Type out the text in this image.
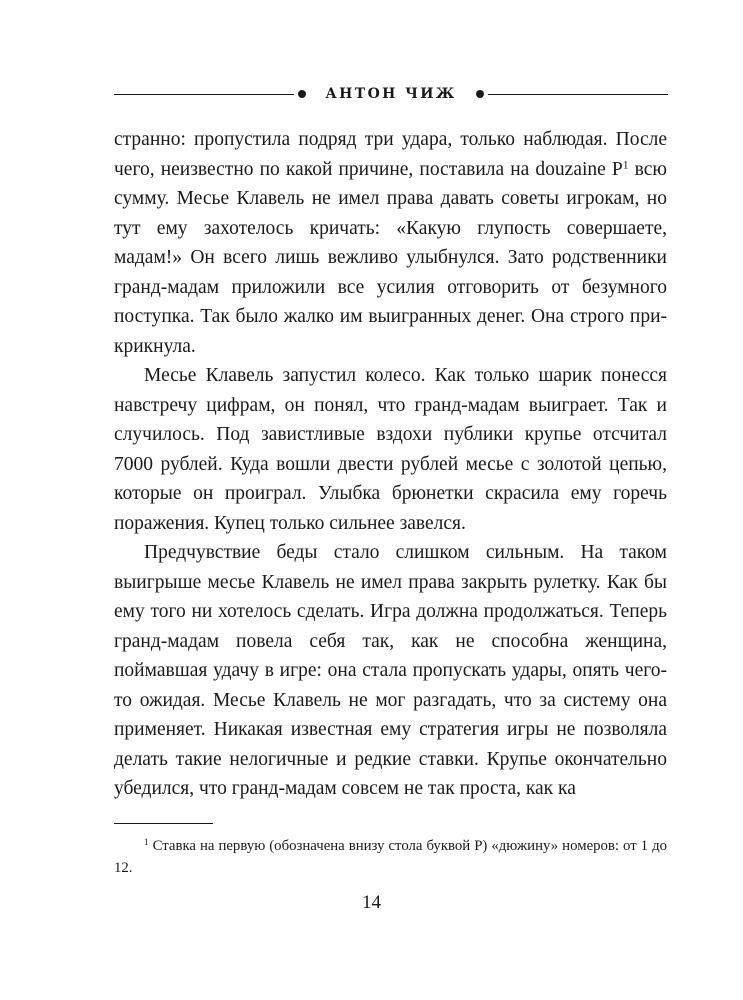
АНТОН ЧИЖ

странно: пропустила подряд три удара, только наблюдая. После чего, неизвестно по какой причине, поставила на douzaine $P^1$ всю сумму. Месье Клавель не имел права давать советы игрокам, но тут ему захотелось кричать: «Какую глупость совершаете, мадам!» Он всего лишь вежливо улыбнулся. Зато родственники гранд-мадам приложили все усилия отговорить от безумного поступка. Так было жалко им выигранных денег. Она строго прикрикнула.

Месье Клавель запустил колесо. Как только шарик понесся навстречу цифрам, он понял, что гранд-мадам выиграет. Так и случилось. Под завистливые вздохи публики крупье отсчитал 7000 рублей. Куда вошли двести рублей месье с золотой цепью, которые он проиграл. Улыбка брюнетки скрасила ему горечь поражения. Купец только сильнее завелся.

Предчувствие беды стало слишком сильным. На таком выигрыше месье Клавель не имел права закрыть рулетку. Как бы ему того ни хотелось сделать. Игра должна продолжаться. Теперь гранд-мадам повела себя так, как не способна женщина, поймавшая удачу в игре: она стала пропускать удары, опять чего-то ожидая. Месье Клавель не мог разгадать, что за систему она применяет. Никакая известная ему стратегия игры не позволяла делать такие нелогичные и редкие ставки. Крупье окончательно убедился, что гранд-мадам совсем не так проста, как ка

$^1$ Ставка на первую (обозначена внизу стола буквой Р) «дюжину» номеров: от 1 до 12.

14
